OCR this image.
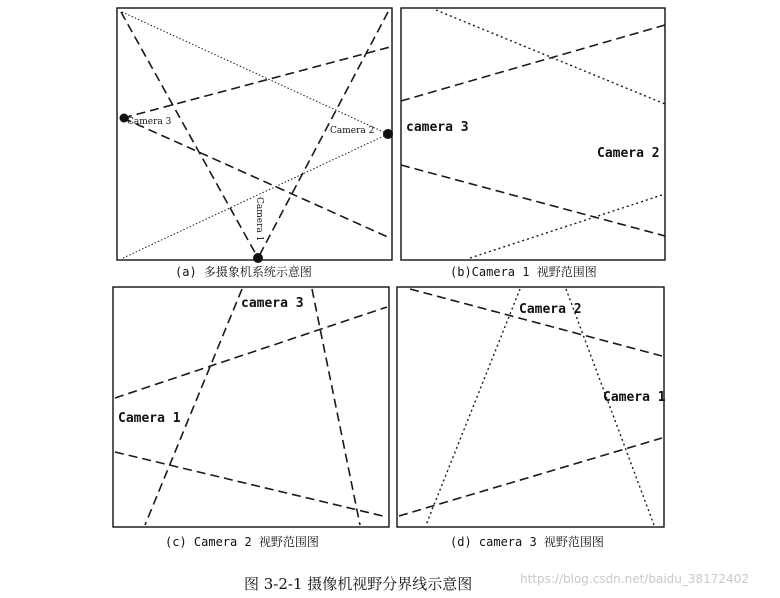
Camera 3
Camera 2
Camera 1
(a) 多摄象机系统示意图
camera 3
Camera 2
(b)Camera 1 视野范围图
camera 3
Camera 1
(c) Camera 2 视野范围图
Camera 2
Camera 1
(d) camera 3 视野范围图
图 3-2-1 摄像机视野分界线示意图	https://blog.csdn.net/baidu_38172402
